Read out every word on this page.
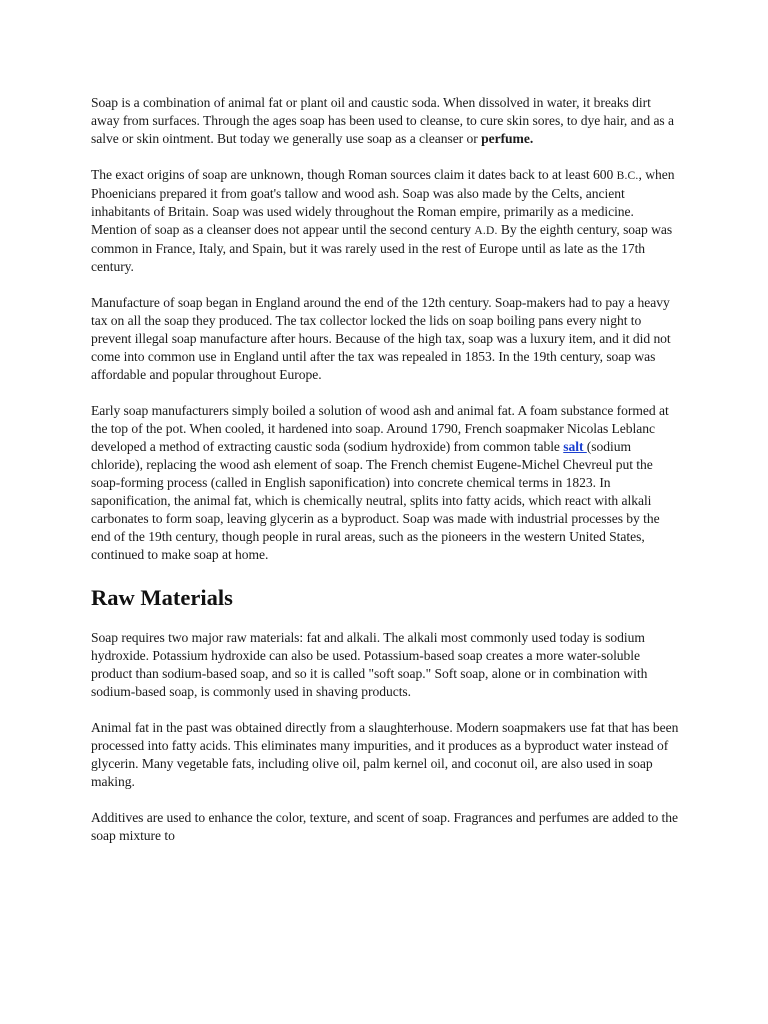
Soap is a combination of animal fat or plant oil and caustic soda. When dissolved in water, it breaks dirt away from surfaces. Through the ages soap has been used to cleanse, to cure skin sores, to dye hair, and as a salve or skin ointment. But today we generally use soap as a cleanser or perfume.

The exact origins of soap are unknown, though Roman sources claim it dates back to at least 600 B.C., when Phoenicians prepared it from goat's tallow and wood ash. Soap was also made by the Celts, ancient inhabitants of Britain. Soap was used widely throughout the Roman empire, primarily as a medicine. Mention of soap as a cleanser does not appear until the second century A.D. By the eighth century, soap was common in France, Italy, and Spain, but it was rarely used in the rest of Europe until as late as the 17th century.

Manufacture of soap began in England around the end of the 12th century. Soap-makers had to pay a heavy tax on all the soap they produced. The tax collector locked the lids on soap boiling pans every night to prevent illegal soap manufacture after hours. Because of the high tax, soap was a luxury item, and it did not come into common use in England until after the tax was repealed in 1853. In the 19th century, soap was affordable and popular throughout Europe.

Early soap manufacturers simply boiled a solution of wood ash and animal fat. A foam substance formed at the top of the pot. When cooled, it hardened into soap. Around 1790, French soapmaker Nicolas Leblanc developed a method of extracting caustic soda (sodium hydroxide) from common table salt (sodium chloride), replacing the wood ash element of soap. The French chemist Eugene-Michel Chevreul put the soap-forming process (called in English saponification) into concrete chemical terms in 1823. In saponification, the animal fat, which is chemically neutral, splits into fatty acids, which react with alkali carbonates to form soap, leaving glycerin as a byproduct. Soap was made with industrial processes by the end of the 19th century, though people in rural areas, such as the pioneers in the western United States, continued to make soap at home.

Raw Materials

Soap requires two major raw materials: fat and alkali. The alkali most commonly used today is sodium hydroxide. Potassium hydroxide can also be used. Potassium-based soap creates a more water-soluble product than sodium-based soap, and so it is called "soft soap." Soft soap, alone or in combination with sodium-based soap, is commonly used in shaving products.

Animal fat in the past was obtained directly from a slaughterhouse. Modern soapmakers use fat that has been processed into fatty acids. This eliminates many impurities, and it produces as a byproduct water instead of glycerin. Many vegetable fats, including olive oil, palm kernel oil, and coconut oil, are also used in soap making.

Additives are used to enhance the color, texture, and scent of soap. Fragrances and perfumes are added to the soap mixture to
